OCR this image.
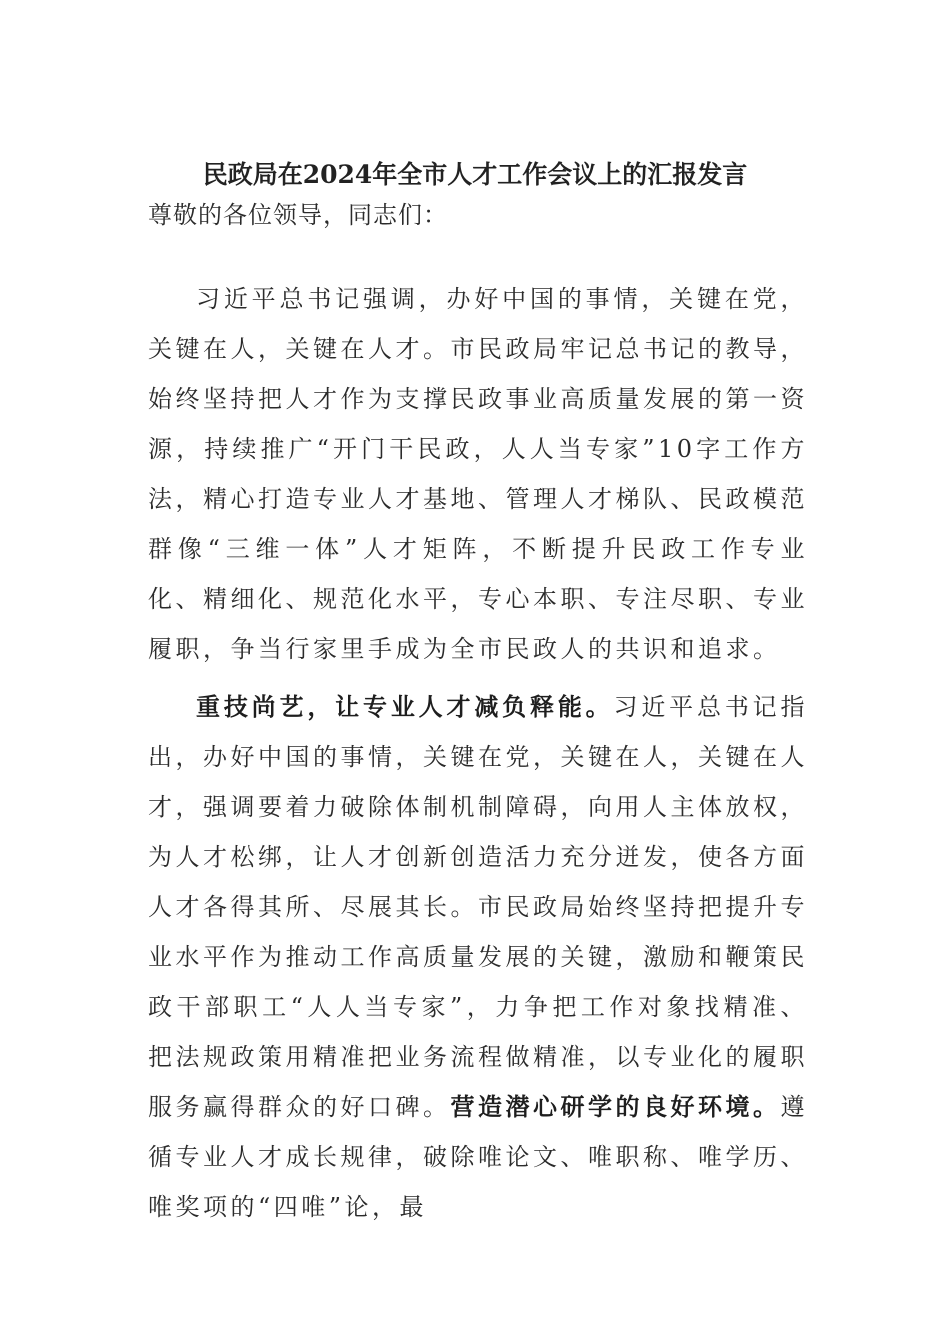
民政局在2024年全市人才工作会议上的汇报发言
尊敬的各位领导，同志们：
习近平总书记强调，办好中国的事情，关键在党，关键在人，关键在人才。市民政局牢记总书记的教导，始终坚持把人才作为支撑民政事业高质量发展的第一资源，持续推广“开门干民政，人人当专家”10字工作方法，精心打造专业人才基地、管理人才梯队、民政模范群像“三维一体”人才矩阵，不断提升民政工作专业化、精细化、规范化水平，专心本职、专注尽职、专业履职，争当行家里手成为全市民政人的共识和追求。
重技尚艺，让专业人才减负释能。习近平总书记指出，办好中国的事情，关键在党，关键在人，关键在人才，强调要着力破除体制机制障碍，向用人主体放权，为人才松绑，让人才创新创造活力充分迸发，使各方面人才各得其所、尽展其长。市民政局始终坚持把提升专业水平作为推动工作高质量发展的关键，激励和鞭策民政干部职工“人人当专家”，力争把工作对象找精准、把法规政策用精准把业务流程做精准，以专业化的履职服务赢得群众的好口碑。营造潜心研学的良好环境。遵循专业人才成长规律，破除唯论文、唯职称、唯学历、唯奖项的“四唯”论，最
